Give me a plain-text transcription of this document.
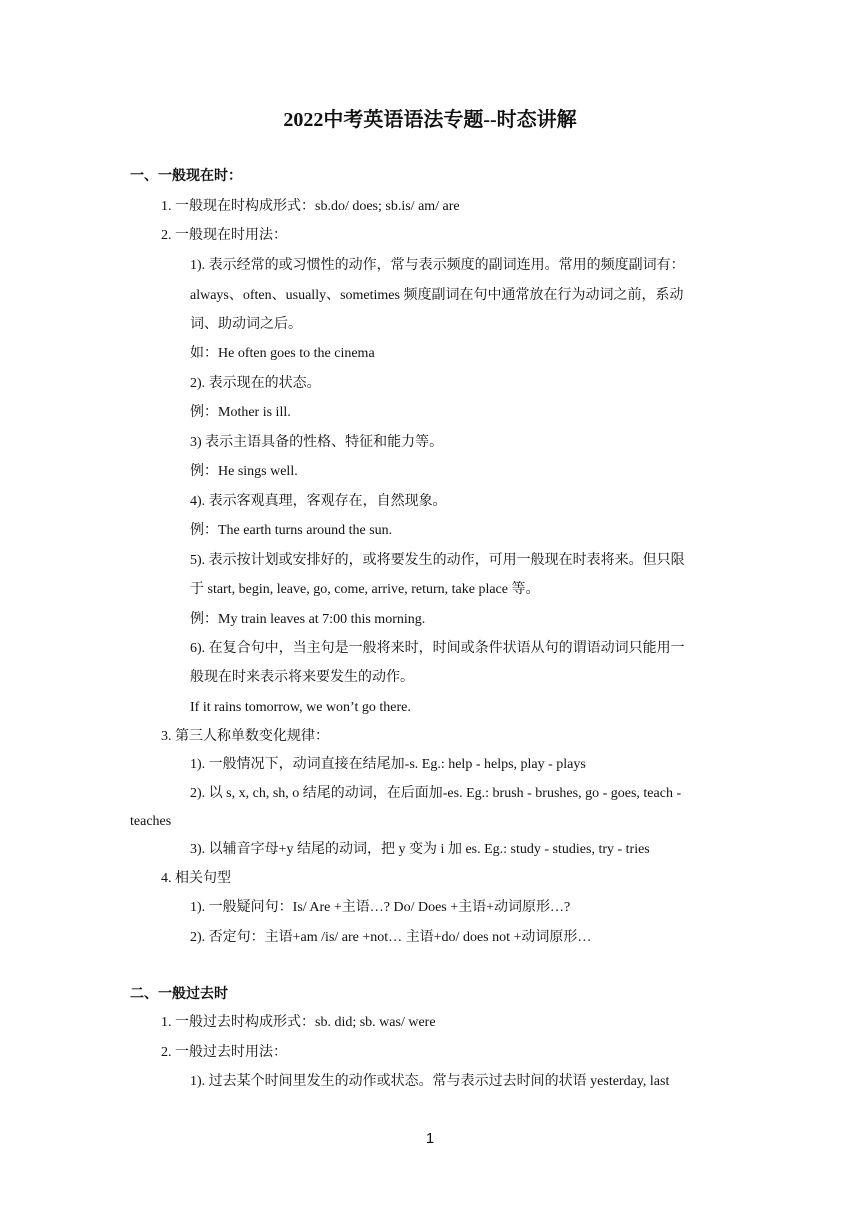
2022中考英语语法专题--时态讲解
一、一般现在时：
1. 一般现在时构成形式：sb.do/ does; sb.is/ am/ are
2. 一般现在时用法：
1). 表示经常的或习惯性的动作，常与表示频度的副词连用。常用的频度副词有：
always、often、usually、sometimes 频度副词在句中通常放在行为动词之前，系动
词、助动词之后。
如：He often goes to the cinema
2). 表示现在的状态。
例：Mother is ill.
3) 表示主语具备的性格、特征和能力等。
例：He sings well.
4). 表示客观真理，客观存在，自然现象。
例：The earth turns around the sun.
5). 表示按计划或安排好的，或将要发生的动作，可用一般现在时表将来。但只限
于 start, begin, leave, go, come, arrive, return, take place 等。
例：My train leaves at 7:00 this morning.
6). 在复合句中，当主句是一般将来时，时间或条件状语从句的谓语动词只能用一
般现在时来表示将来要发生的动作。
If it rains tomorrow, we won’t go there.
3. 第三人称单数变化规律：
1). 一般情况下，动词直接在结尾加-s. Eg.: help - helps, play - plays
2). 以 s, x, ch, sh, o 结尾的动词，在后面加-es. Eg.: brush - brushes, go - goes, teach -
teaches
3). 以辅音字母+y 结尾的动词，把 y 变为 i 加 es. Eg.: study - studies, try - tries
4. 相关句型
1). 一般疑问句：Is/ Are +主语…? Do/ Does +主语+动词原形…?
2). 否定句：主语+am /is/ are +not… 主语+do/ does not +动词原形…
二、一般过去时
1. 一般过去时构成形式：sb. did; sb. was/ were
2. 一般过去时用法：
1). 过去某个时间里发生的动作或状态。常与表示过去时间的状语 yesterday, last
1
